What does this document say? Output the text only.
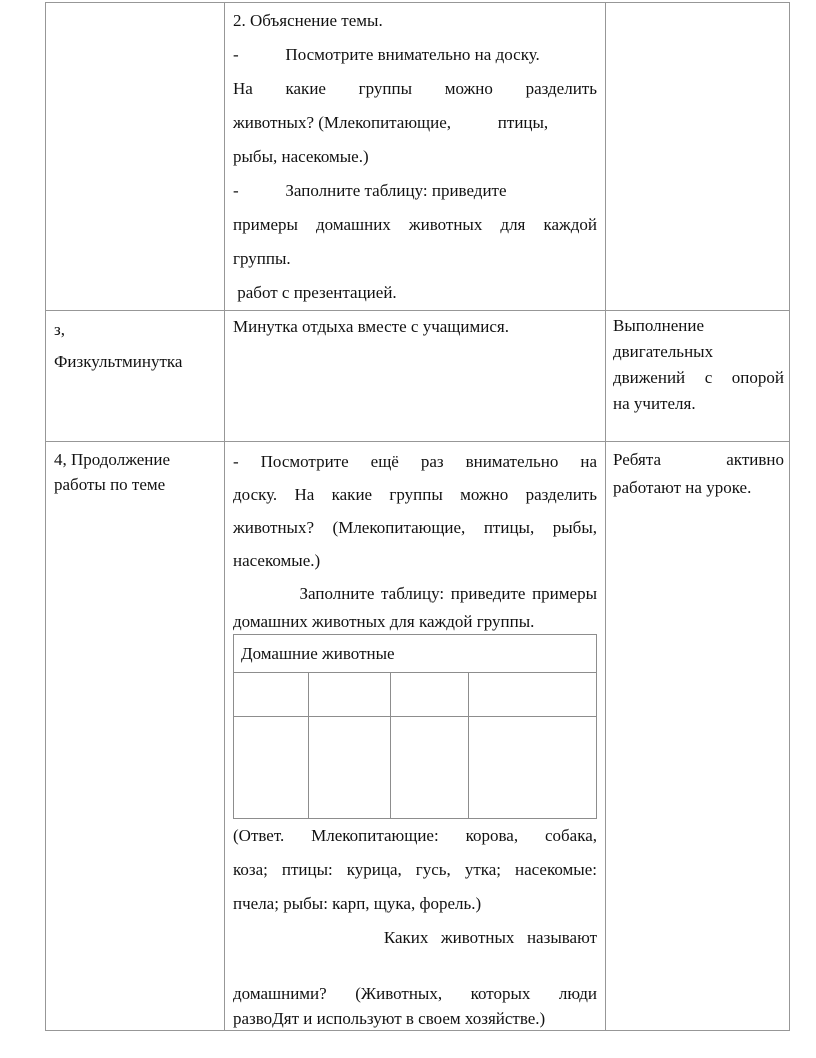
2. Объяснение темы.
-           Посмотрите внимательно на доску.
На какие группы можно разделить
животных? (Млекопитающие,           птицы,
рыбы, насекомые.)
-           Заполните таблицу: приведите
примеры домашних животных для каждой
группы.
работ с презентацией.
з,
Физкультминутка
Минутка отдыха вместе с учащимися.	Выполнение
двигательных
движений с опорой
на учителя.
4, Продолжение
работы по теме
- Посмотрите ещё раз внимательно на
доску. На какие группы можно разделить
животных? (Млекопитающие, птицы, рыбы,
насекомые.)
Заполните таблицу: приведите примеры
домашних животных для каждой группы.
Домашние животные
(Ответ. Млекопитающие: корова, собака,
коза; птицы: курица, гусь, утка; насекомые:
пчела; рыбы: карп, щука, форель.)
Каких животных называют
домашними? (Животных, которых люди
развоДят и используют в своем хозяйстве.)
Ребята активно
работают на уроке.
